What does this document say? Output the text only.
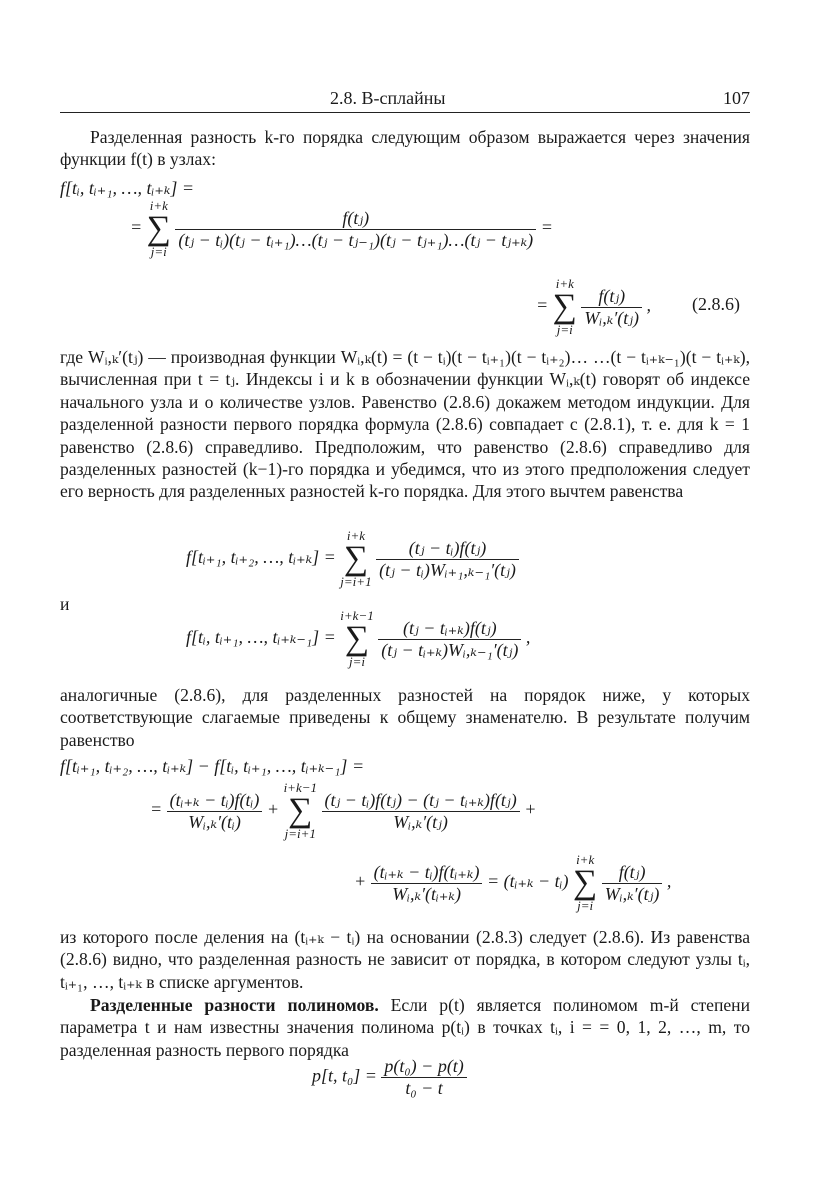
2.8. B-сплайны	107

Разделенная разность k-го порядка следующим образом выражается через значения функции f(t) в узлах:

f[tᵢ, tᵢ₊₁, …, tᵢ₊ₖ] =
= i+k
∑
j=i
$\frac{\text{f(tⱼ)}}{\text{(tⱼ − tᵢ)(tⱼ − tᵢ₊₁)…(tⱼ − tⱼ₋₁)(tⱼ − tⱼ₊₁)…(tⱼ − tⱼ₊ₖ)}}$ =
= i+k
∑
j=i
$\frac{\text{f(tⱼ)}}{\text{Wᵢ,ₖ′(tⱼ)}}$ , (2.8.6)

где Wᵢ,ₖ′(tⱼ) — производная функции Wᵢ,ₖ(t) = (t − tᵢ)(t − tᵢ₊₁)(t − tᵢ₊₂)… …(t − tᵢ₊ₖ₋₁)(t − tᵢ₊ₖ), вычисленная при t = tⱼ. Индексы i и k в обозначении функции Wᵢ,ₖ(t) говорят об индексе начального узла и о количестве узлов. Равенство (2.8.6) докажем методом индукции. Для разделенной разности первого порядка формула (2.8.6) совпадает с (2.8.1), т. е. для k = 1 равенство (2.8.6) справедливо. Предположим, что равенство (2.8.6) справедливо для разделенных разностей (k−1)-го порядка и убедимся, что из этого предположения следует его верность для разделенных разностей k-го порядка. Для этого вычтем равенства

f[tᵢ₊₁, tᵢ₊₂, …, tᵢ₊ₖ] = i+k
∑
j=i+1
$\frac{\text{(tⱼ − tᵢ)f(tⱼ)}}{\text{(tⱼ − tᵢ)Wᵢ₊₁,ₖ₋₁′(tⱼ)}}$
и
f[tᵢ, tᵢ₊₁, …, tᵢ₊ₖ₋₁] = i+k−1
∑
j=i
$\frac{\text{(tⱼ − tᵢ₊ₖ)f(tⱼ)}}{\text{(tⱼ − tᵢ₊ₖ)Wᵢ,ₖ₋₁′(tⱼ)}}$ ,

аналогичные (2.8.6), для разделенных разностей на порядок ниже, у которых соответствующие слагаемые приведены к общему знаменателю. В результате получим равенство

f[tᵢ₊₁, tᵢ₊₂, …, tᵢ₊ₖ] − f[tᵢ, tᵢ₊₁, …, tᵢ₊ₖ₋₁] =
= $\frac{\text{(tᵢ₊ₖ − tᵢ)f(tᵢ)}}{\text{Wᵢ,ₖ′(tᵢ)}} + i+k-1$
∑
j=i+1
$\frac{\text{(tⱼ − tᵢ)f(tⱼ) − (tⱼ − tᵢ₊ₖ)f(tⱼ)}}{\text{Wᵢ,ₖ′(tⱼ)}}$ +
+ $\frac{\text{(tᵢ₊ₖ − tᵢ)f(tᵢ₊ₖ)}}{\text{Wᵢ,ₖ′(tᵢ₊ₖ)}}$ = (tᵢ₊ₖ − tᵢ) i+k
∑
j=i
$\frac{\text{f(tⱼ)}}{\text{Wᵢ,ₖ′(tⱼ)}}$ ,

из которого после деления на (tᵢ₊ₖ − tᵢ) на основании (2.8.3) следует (2.8.6). Из равенства (2.8.6) видно, что разделенная разность не зависит от порядка, в котором следуют узлы tᵢ, tᵢ₊₁, …, tᵢ₊ₖ в списке аргументов.

Разделенные разности полиномов. Если p(t) является полиномом m-й степени параметра t и нам известны значения полинома p(tᵢ) в точках tᵢ, i = = 0, 1, 2, …, m, то разделенная разность первого порядка

p[t, $t_0] = \frac{\text{p(t₀) − p(t)}}{\text{t₀ − t}}$
